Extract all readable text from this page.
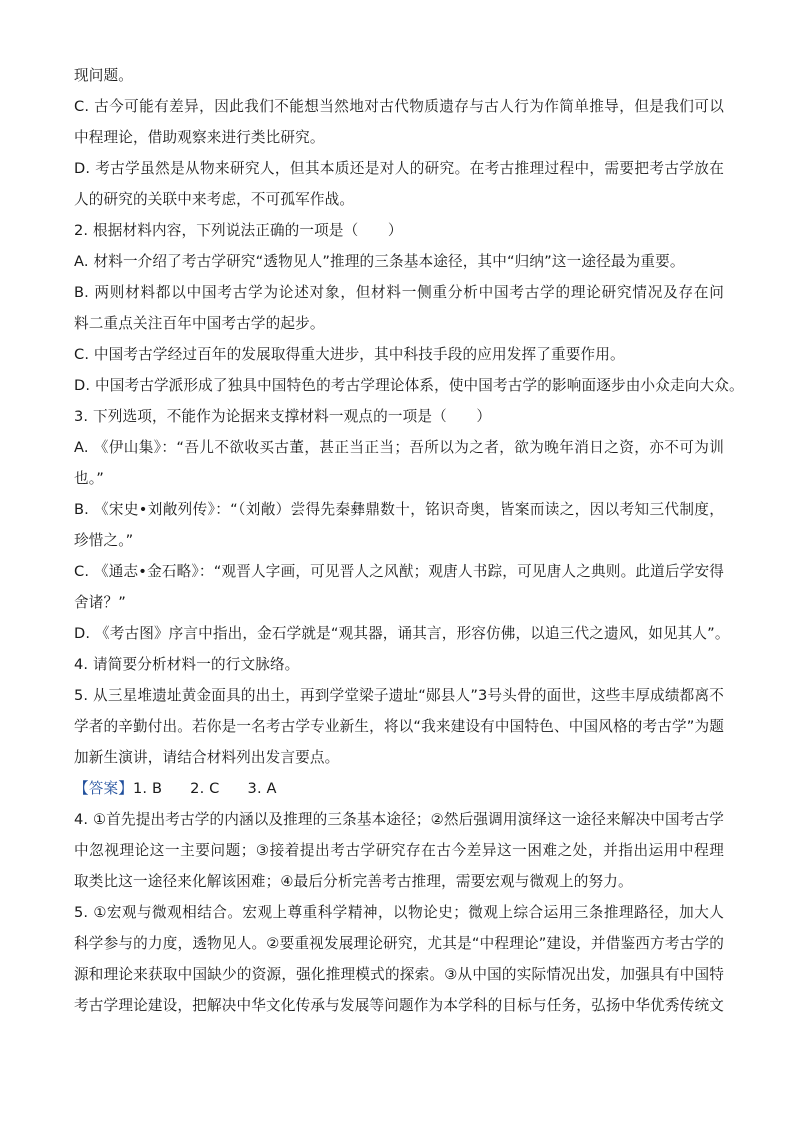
现问题。
C. 古今可能有差异，因此我们不能想当然地对古代物质遗存与古人行为作简单推导，但是我们可以
中程理论，借助观察来进行类比研究。
D. 考古学虽然是从物来研究人，但其本质还是对人的研究。在考古推理过程中，需要把考古学放在
人的研究的关联中来考虑，不可孤军作战。
2. 根据材料内容，下列说法正确的一项是（　　）
A. 材料一介绍了考古学研究“透物见人”推理的三条基本途径，其中“归纳”这一途径最为重要。
B. 两则材料都以中国考古学为论述对象，但材料一侧重分析中国考古学的理论研究情况及存在问
料二重点关注百年中国考古学的起步。
C. 中国考古学经过百年的发展取得重大进步，其中科技手段的应用发挥了重要作用。
D. 中国考古学派形成了独具中国特色的考古学理论体系，使中国考古学的影响面逐步由小众走向大众。
3. 下列选项，不能作为论据来支撑材料一观点的一项是（　　）
A. 《伊山集》：“吾儿不欲收买古董，甚正当正当；吾所以为之者，欲为晚年消日之资，亦不可为训
也。”
B. 《宋史•刘敞列传》：“（刘敞）尝得先秦彝鼎数十，铭识奇奥，皆案而读之，因以考知三代制度，
珍惜之。”
C. 《通志•金石略》：“观晋人字画，可见晋人之风猷；观唐人书踪，可见唐人之典则。此道后学安得
舍诸？”
D. 《考古图》序言中指出，金石学就是“观其器，诵其言，形容仿佛，以追三代之遗风，如见其人”。
4. 请简要分析材料一的行文脉络。
5. 从三星堆遗址黄金面具的出土，再到学堂梁子遗址“郧县人”3号头骨的面世，这些丰厚成绩都离不
学者的辛勤付出。若你是一名考古学专业新生，将以“我来建设有中国特色、中国风格的考古学”为题
加新生演讲，请结合材料列出发言要点。
【答案】1. B 2. C 3. A
4. ①首先提出考古学的内涵以及推理的三条基本途径；②然后强调用演绎这一途径来解决中国考古学
中忽视理论这一主要问题；③接着提出考古学研究存在古今差异这一困难之处，并指出运用中程理
取类比这一途径来化解该困难；④最后分析完善考古推理，需要宏观与微观上的努力。
5. ①宏观与微观相结合。宏观上尊重科学精神，以物论史；微观上综合运用三条推理路径，加大人
科学参与的力度，透物见人。②要重视发展理论研究，尤其是“中程理论”建设，并借鉴西方考古学的
源和理论来获取中国缺少的资源，强化推理模式的探索。③从中国的实际情况出发，加强具有中国特
考古学理论建设，把解决中华文化传承与发展等问题作为本学科的目标与任务，弘扬中华优秀传统文
